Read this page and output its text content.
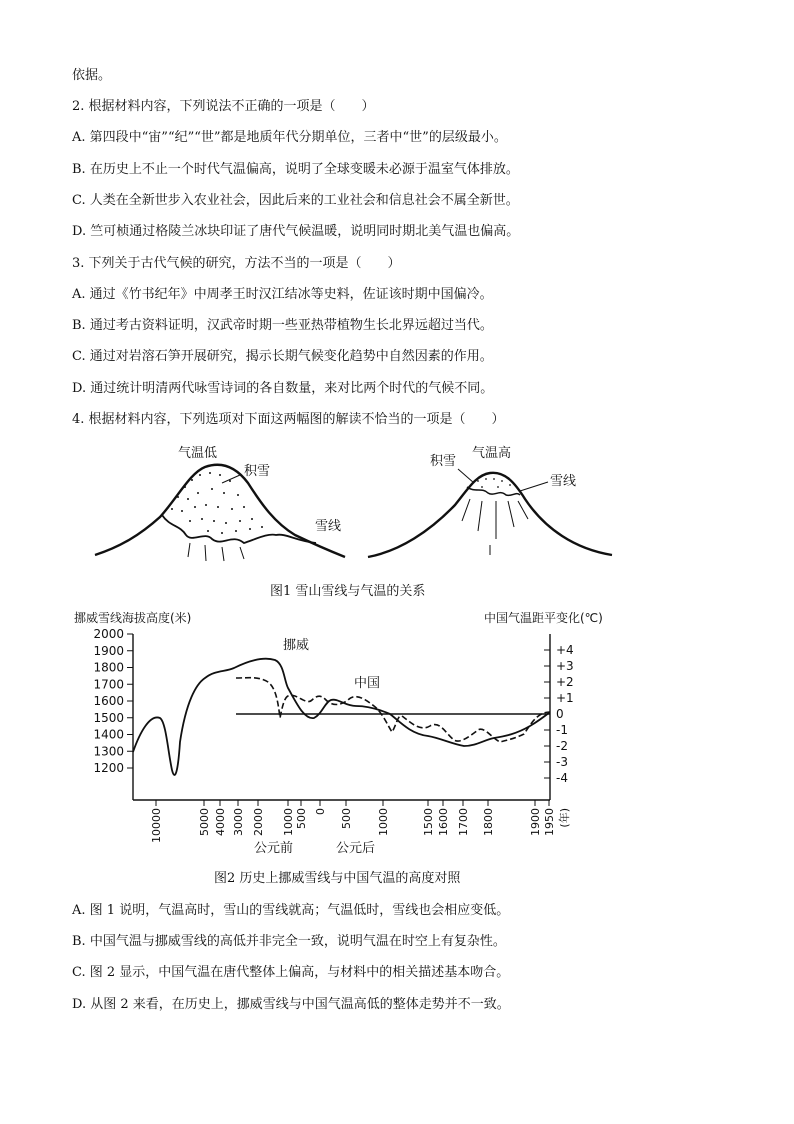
依据。
2. 根据材料内容，下列说法不正确的一项是（　　）
A. 第四段中“宙”“纪”“世”都是地质年代分期单位，三者中“世”的层级最小。
B. 在历史上不止一个时代气温偏高，说明了全球变暖未必源于温室气体排放。
C. 人类在全新世步入农业社会，因此后来的工业社会和信息社会不属全新世。
D. 竺可桢通过格陵兰冰块印证了唐代气候温暖，说明同时期北美气温也偏高。
3. 下列关于古代气候的研究，方法不当的一项是（　　）
A. 通过《竹书纪年》中周孝王时汉江结冰等史料，佐证该时期中国偏冷。
B. 通过考古资料证明，汉武帝时期一些亚热带植物生长北界远超过当代。
C. 通过对岩溶石笋开展研究，揭示长期气候变化趋势中自然因素的作用。
D. 通过统计明清两代咏雪诗词的各自数量，来对比两个时代的气候不同。
4. 根据材料内容，下列选项对下面这两幅图的解读不恰当的一项是（　　）
气温低
积雪
雪线
气温高
积雪
雪线
图1 雪山雪线与气温的关系
挪威雪线海拔高度(米)	中国气温距平变化(℃)
2000
1900
1800
1700
1600
1500
1400
1300
1200
+4
+3
+2
+1
0
-1
-2
-3
-4
10000	5000 4000 3000 2000 1000 500 0 500 1000	1500 1600 1700 1800	1900 1950 (年)
挪威
中国
公元前	公元后
图2 历史上挪威雪线与中国气温的高度对照
A. 图 1 说明，气温高时，雪山的雪线就高；气温低时，雪线也会相应变低。
B. 中国气温与挪威雪线的高低并非完全一致，说明气温在时空上有复杂性。
C. 图 2 显示，中国气温在唐代整体上偏高，与材料中的相关描述基本吻合。
D. 从图 2 来看，在历史上，挪威雪线与中国气温高低的整体走势并不一致。
